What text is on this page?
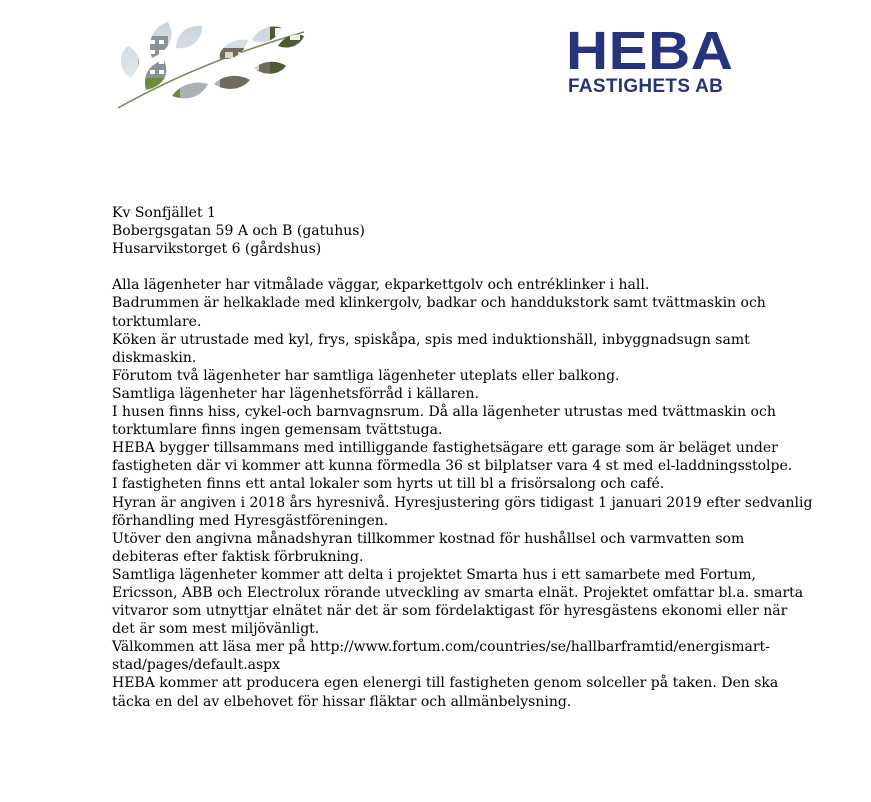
HEBA
FASTIGHETS AB

Kv Sonfjället 1

Bobergsgatan 59 A och B (gatuhus)

Husarvikstorget 6 (gårdshus)

Alla lägenheter har vitmålade väggar, ekparkettgolv och entréklinker i hall.

Badrummen är helkaklade med klinkergolv, badkar och handdukstork samt tvättmaskin och

torktumlare.

Köken är utrustade med kyl, frys, spiskåpa, spis med induktionshäll, inbyggnadsugn samt

diskmaskin.

Förutom två lägenheter har samtliga lägenheter uteplats eller balkong.

Samtliga lägenheter har lägenhetsförråd i källaren.

I husen finns hiss, cykel-och barnvagnsrum. Då alla lägenheter utrustas med tvättmaskin och

torktumlare finns ingen gemensam tvättstuga.

HEBA bygger tillsammans med intilliggande fastighetsägare ett garage som är beläget under

fastigheten där vi kommer att kunna förmedla 36 st bilplatser vara 4 st med el-laddningsstolpe.

I fastigheten finns ett antal lokaler som hyrts ut till bl a frisörsalong och café.

Hyran är angiven i 2018 års hyresnivå. Hyresjustering görs tidigast 1 januari 2019 efter sedvanlig

förhandling med Hyresgästföreningen.

Utöver den angivna månadshyran tillkommer kostnad för hushållsel och varmvatten som

debiteras efter faktisk förbrukning.

Samtliga lägenheter kommer att delta i projektet Smarta hus i ett samarbete med Fortum,

Ericsson, ABB och Electrolux rörande utveckling av smarta elnät. Projektet omfattar bl.a. smarta

vitvaror som utnyttjar elnätet när det är som fördelaktigast för hyresgästens ekonomi eller när

det är som mest miljövänligt.

Välkommen att läsa mer på http://www.fortum.com/countries/se/hallbarframtid/energismart-

stad/pages/default.aspx

HEBA kommer att producera egen elenergi till fastigheten genom solceller på taken. Den ska

täcka en del av elbehovet för hissar fläktar och allmänbelysning.
